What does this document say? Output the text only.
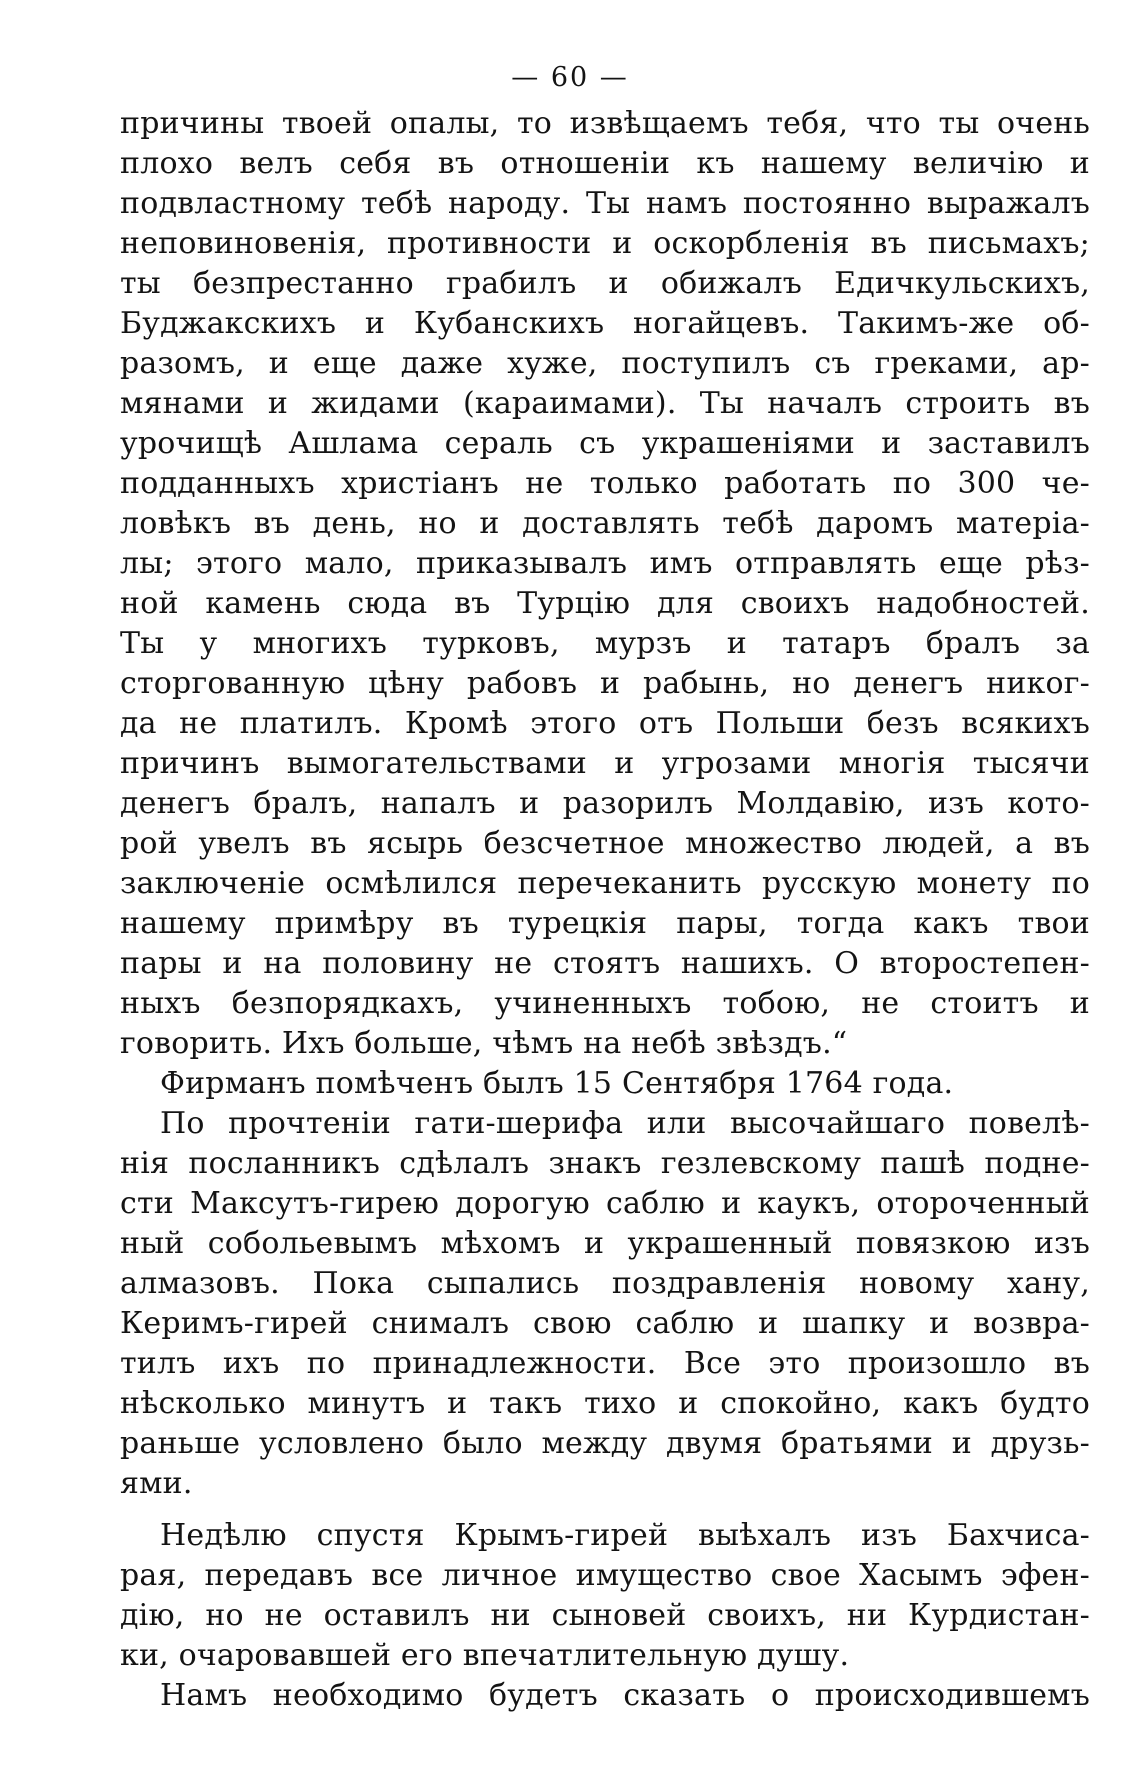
— 60 —
причины твоей опалы, то извѣщаемъ тебя, что ты очень
плохо велъ себя въ отношеніи къ нашему величію и
подвластному тебѣ народу. Ты намъ постоянно выражалъ
неповиновенія, противности и оскорбленія въ письмахъ;
ты безпрестанно грабилъ и обижалъ Едичкульскихъ,
Буджакскихъ и Кубанскихъ ногайцевъ. Такимъ-же об-
разомъ, и еще даже хуже, поступилъ съ греками, ар-
мянами и жидами (караимами). Ты началъ строить въ
урочищѣ Ашлама сераль съ украшеніями и заставилъ
подданныхъ христіанъ не только работать по 300 че-
ловѣкъ въ день, но и доставлять тебѣ даромъ матеріа-
лы; этого мало, приказывалъ имъ отправлять еще рѣз-
ной камень сюда въ Турцію для своихъ надобностей.
Ты у многихъ турковъ, мурзъ и татаръ бралъ за
сторгованную цѣну рабовъ и рабынь, но денегъ никог-
да не платилъ. Кромѣ этого отъ Польши безъ всякихъ
причинъ вымогательствами и угрозами многія тысячи
денегъ бралъ, напалъ и разорилъ Молдавію, изъ кото-
рой увелъ въ ясырь безсчетное множество людей, а въ
заключеніе осмѣлился перечеканить русскую монету по
нашему примѣру въ турецкія пары, тогда какъ твои
пары и на половину не стоятъ нашихъ. О второстепен-
ныхъ безпорядкахъ, учиненныхъ тобою, не стоитъ и
говорить. Ихъ больше, чѣмъ на небѣ звѣздъ.“
Фирманъ помѣченъ былъ 15 Сентября 1764 года.
По прочтеніи гати-шерифа или высочайшаго повелѣ-
нія посланникъ сдѣлалъ знакъ гезлевскому пашѣ подне-
сти Максутъ-гирею дорогую саблю и каукъ, отороченный
ный собольевымъ мѣхомъ и украшенный повязкою изъ
алмазовъ. Пока сыпались поздравленія новому хану,
Керимъ-гирей снималъ свою саблю и шапку и возвра-
тилъ ихъ по принадлежности. Все это произошло въ
нѣсколько минутъ и такъ тихо и спокойно, какъ будто
раньше условлено было между двумя братьями и друзь-
ями.
Недѣлю спустя Крымъ-гирей выѣхалъ изъ Бахчиса-
рая, передавъ все личное имущество свое Хасымъ эфен-
дію, но не оставилъ ни сыновей своихъ, ни Курдистан-
ки, очаровавшей его впечатлительную душу.
Намъ необходимо будетъ сказать о происходившемъ
